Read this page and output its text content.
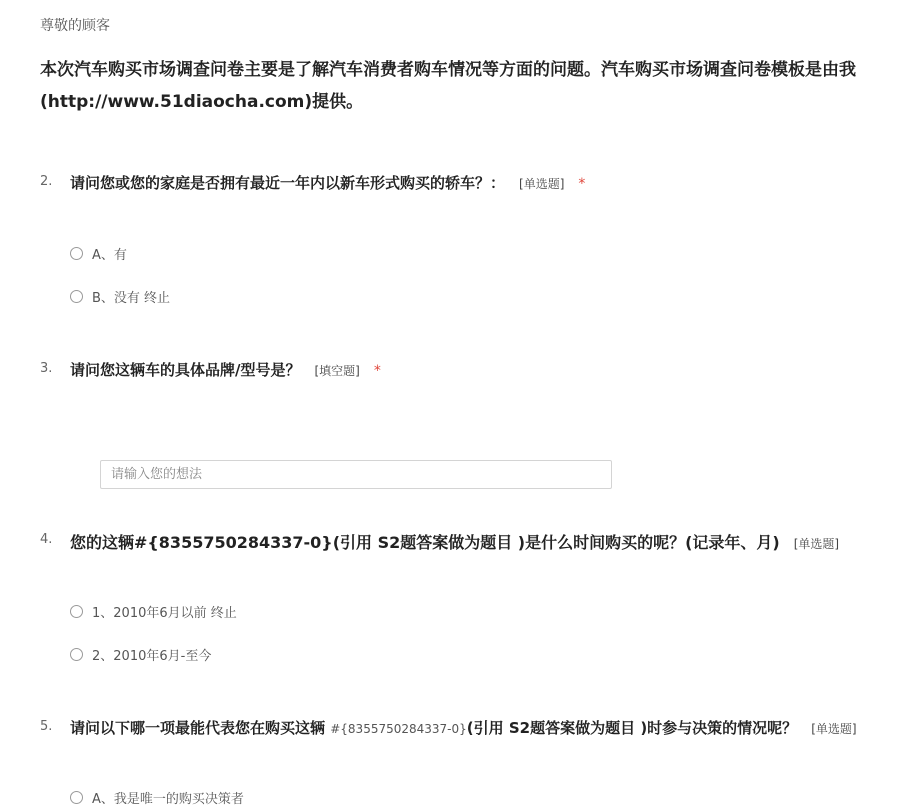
尊敬的顾客
本次汽车购买市场调查问卷主要是了解汽车消费者购车情况等方面的问题。汽车购买市场调查问卷模板是由我
(http://www.51diaocha.com)提供。
2. 请问您或您的家庭是否拥有最近一年内以新车形式购买的轿车？： [单选题] *
A、有
B、没有 终止
3. 请问您这辆车的具体品牌/型号是？ [填空题] *
请输入您的想法
4. 您的这辆#{8355750284337-0}(引用 S2题答案做为题目 )是什么时间购买的呢？(记录年、月) [单选题]
1、2010年6月以前 终止
2、2010年6月-至今
5. 请问以下哪一项最能代表您在购买这辆 #{8355750284337-0}(引用 S2题答案做为题目 )时参与决策的情况呢？ [单选题]
A、我是唯一的购买决策者
